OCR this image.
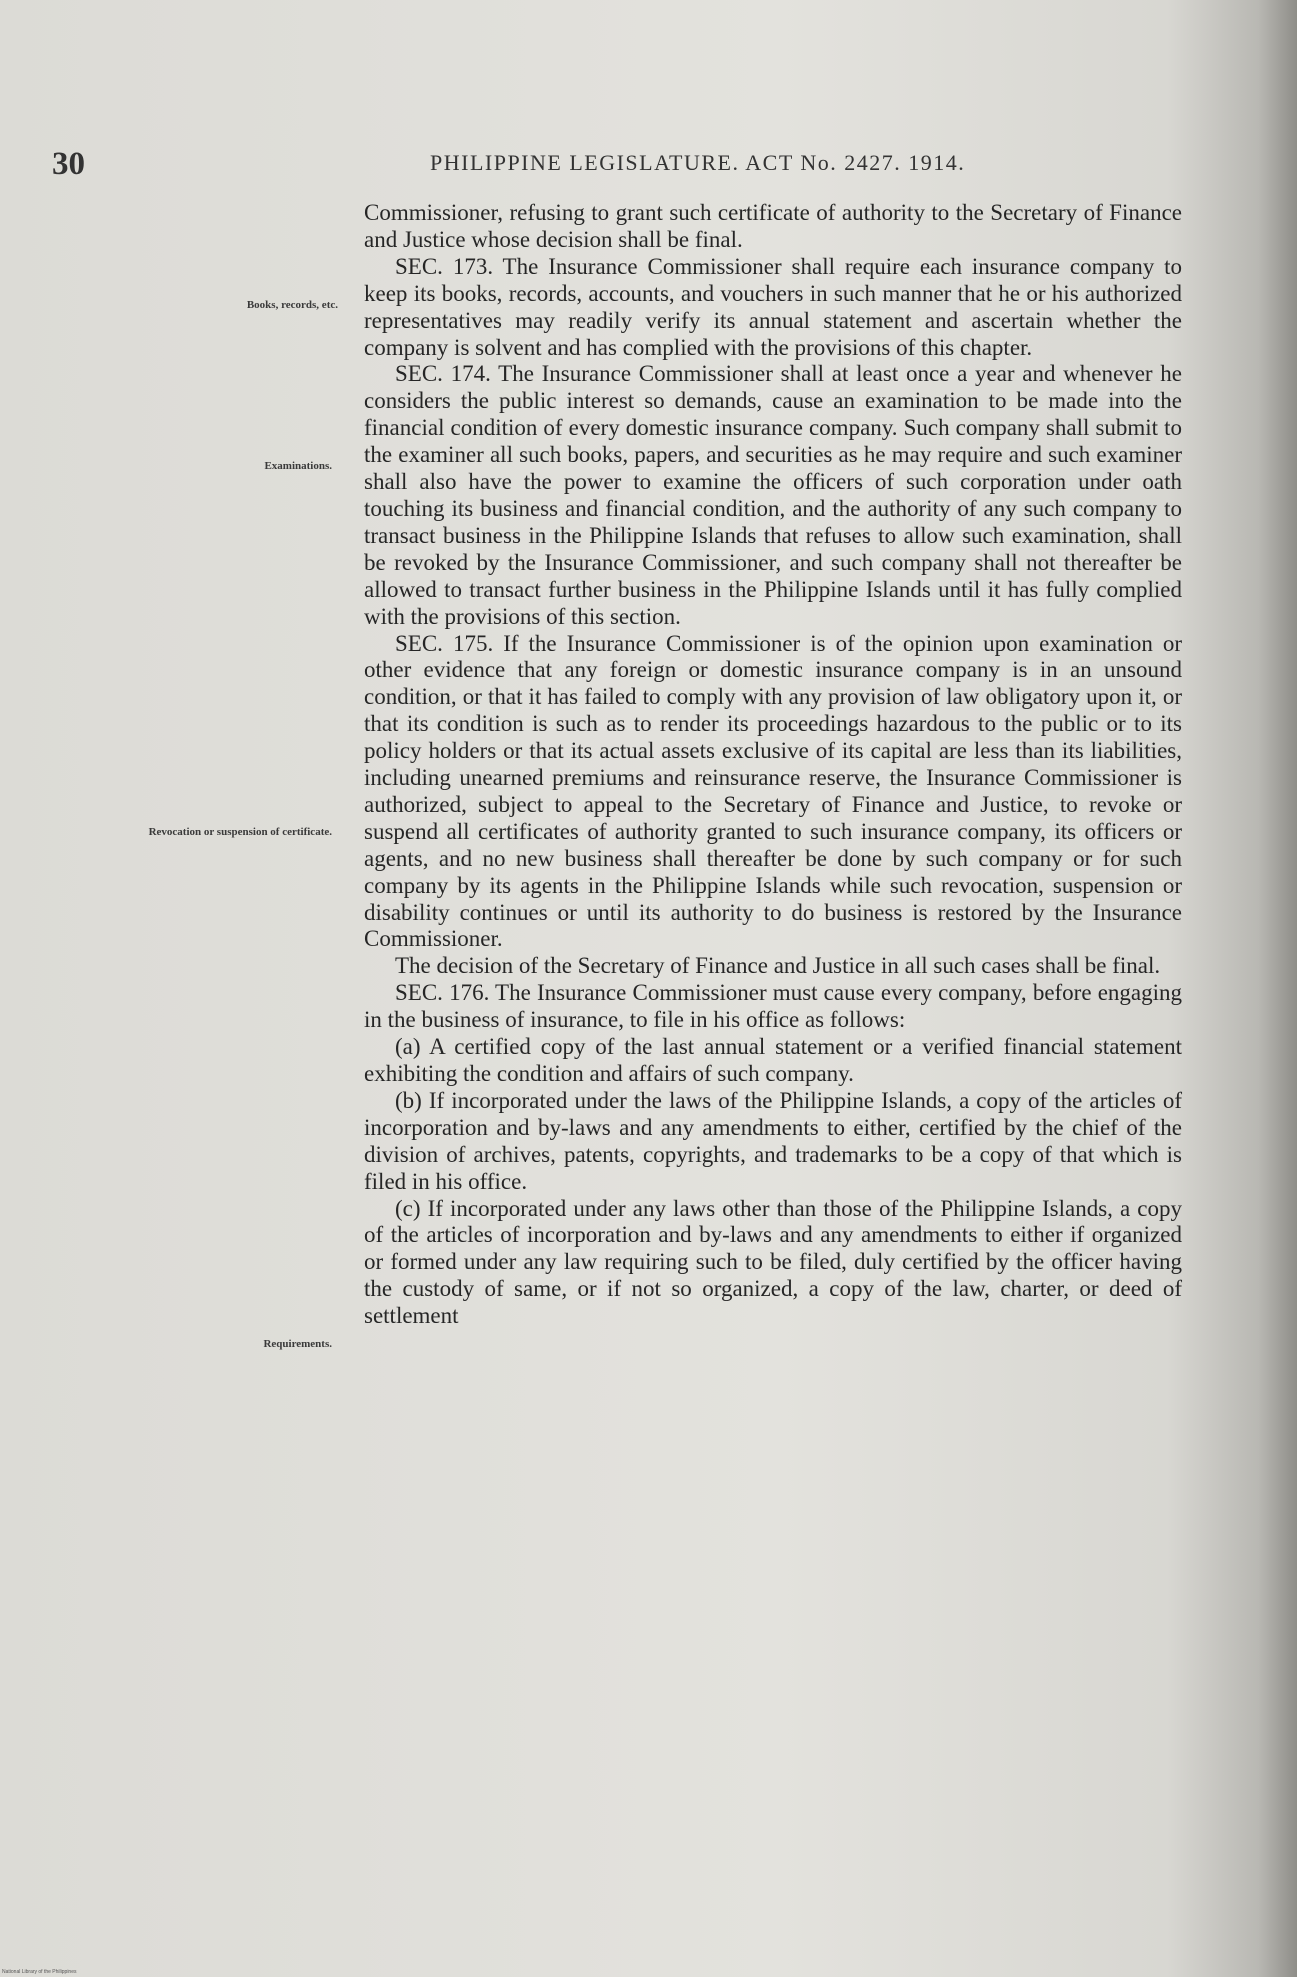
30	PHILIPPINE LEGISLATURE. ACT No. 2427. 1914.
Books, records, etc.
Examinations.
Revocation or suspension of certificate.
Requirements.

Commissioner, refusing to grant such certificate of authority to the Secretary of Finance and Justice whose decision shall be final.

SEC. 173. The Insurance Commissioner shall require each insurance company to keep its books, records, accounts, and vouchers in such manner that he or his authorized representatives may readily verify its annual statement and ascertain whether the company is solvent and has complied with the provisions of this chapter.

SEC. 174. The Insurance Commissioner shall at least once a year and whenever he considers the public interest so demands, cause an examination to be made into the financial condition of every domestic insurance company. Such company shall submit to the examiner all such books, papers, and securities as he may require and such examiner shall also have the power to examine the officers of such corporation under oath touching its business and financial condition, and the authority of any such company to transact business in the Philippine Islands that refuses to allow such examination, shall be revoked by the Insurance Commissioner, and such company shall not thereafter be allowed to transact further business in the Philippine Islands until it has fully complied with the provisions of this section.

SEC. 175. If the Insurance Commissioner is of the opinion upon examination or other evidence that any foreign or domestic insurance company is in an unsound condition, or that it has failed to comply with any provision of law obligatory upon it, or that its condition is such as to render its proceedings hazardous to the public or to its policy holders or that its actual assets exclusive of its capital are less than its liabilities, including unearned premiums and reinsurance reserve, the Insurance Commissioner is authorized, subject to appeal to the Secretary of Finance and Justice, to revoke or suspend all certificates of authority granted to such insurance company, its officers or agents, and no new business shall thereafter be done by such company or for such company by its agents in the Philippine Islands while such revocation, suspension or disability continues or until its authority to do business is restored by the Insurance Commissioner.

The decision of the Secretary of Finance and Justice in all such cases shall be final.

SEC. 176. The Insurance Commissioner must cause every company, before engaging in the business of insurance, to file in his office as follows:

(a) A certified copy of the last annual statement or a verified financial statement exhibiting the condition and affairs of such company.

(b) If incorporated under the laws of the Philippine Islands, a copy of the articles of incorporation and by-laws and any amendments to either, certified by the chief of the division of archives, patents, copyrights, and trademarks to be a copy of that which is filed in his office.

(c) If incorporated under any laws other than those of the Philippine Islands, a copy of the articles of incorporation and by-laws and any amendments to either if organized or formed under any law requiring such to be filed, duly certified by the officer having the custody of same, or if not so organized, a copy of the law, charter, or deed of settlement

National Library of the Philippines
